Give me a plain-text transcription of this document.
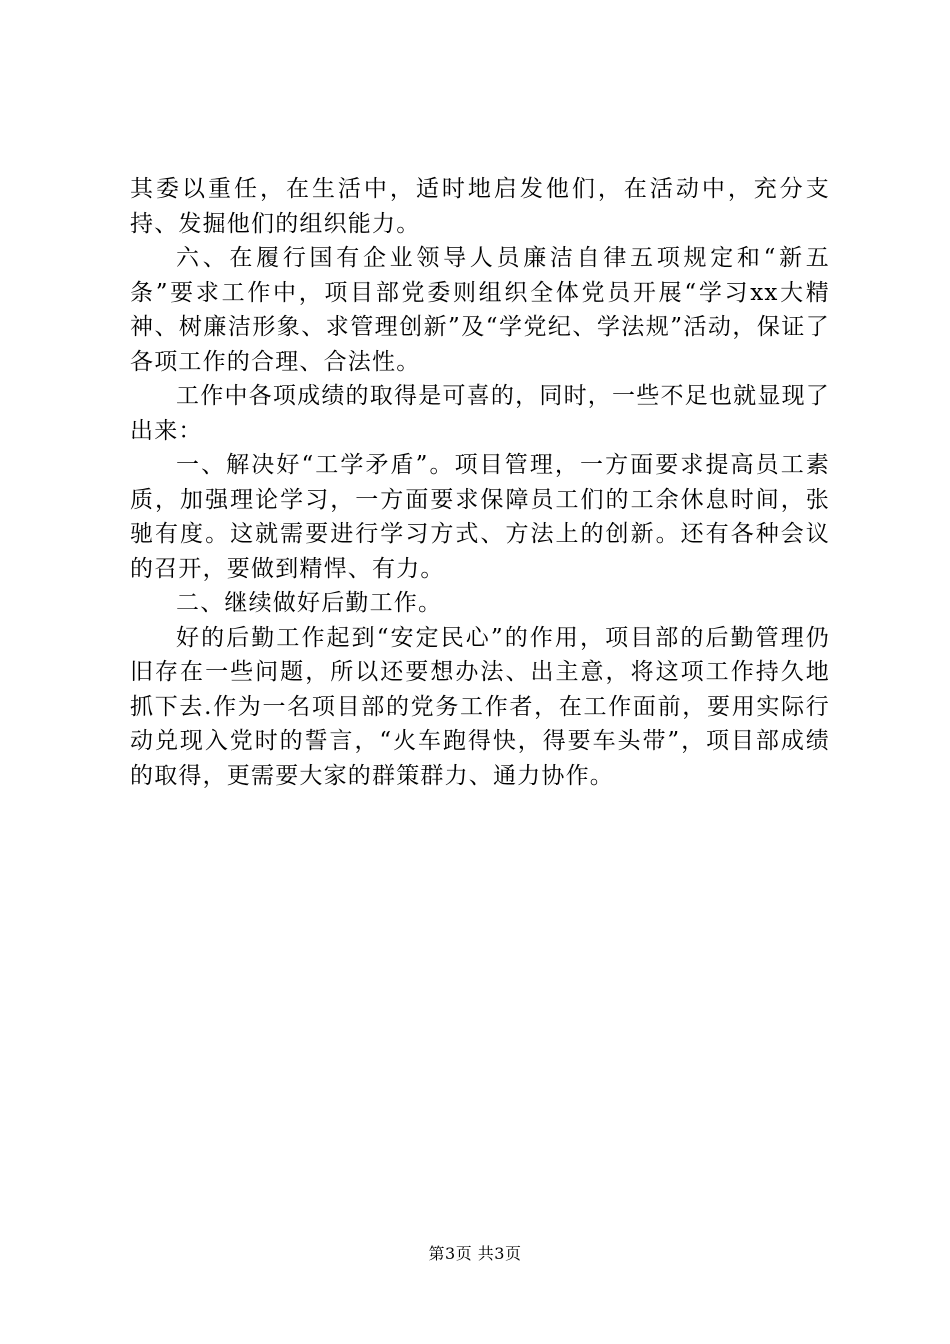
其委以重任，在生活中，适时地启发他们，在活动中，充分支持、发掘他们的组织能力。

六、在履行国有企业领导人员廉洁自律五项规定和“新五条”要求工作中，项目部党委则组织全体党员开展“学习xx大精神、树廉洁形象、求管理创新”及“学党纪、学法规”活动，保证了各项工作的合理、合法性。

工作中各项成绩的取得是可喜的，同时，一些不足也就显现了出来：

一、解决好“工学矛盾”。项目管理，一方面要求提高员工素质，加强理论学习，一方面要求保障员工们的工余休息时间，张驰有度。这就需要进行学习方式、方法上的创新。还有各种会议的召开，要做到精悍、有力。

二、继续做好后勤工作。

好的后勤工作起到“安定民心”的作用，项目部的后勤管理仍旧存在一些问题，所以还要想办法、出主意，将这项工作持久地抓下去.作为一名项目部的党务工作者，在工作面前，要用实际行动兑现入党时的誓言，“火车跑得快，得要车头带”，项目部成绩的取得，更需要大家的群策群力、通力协作。

第3页 共3页
